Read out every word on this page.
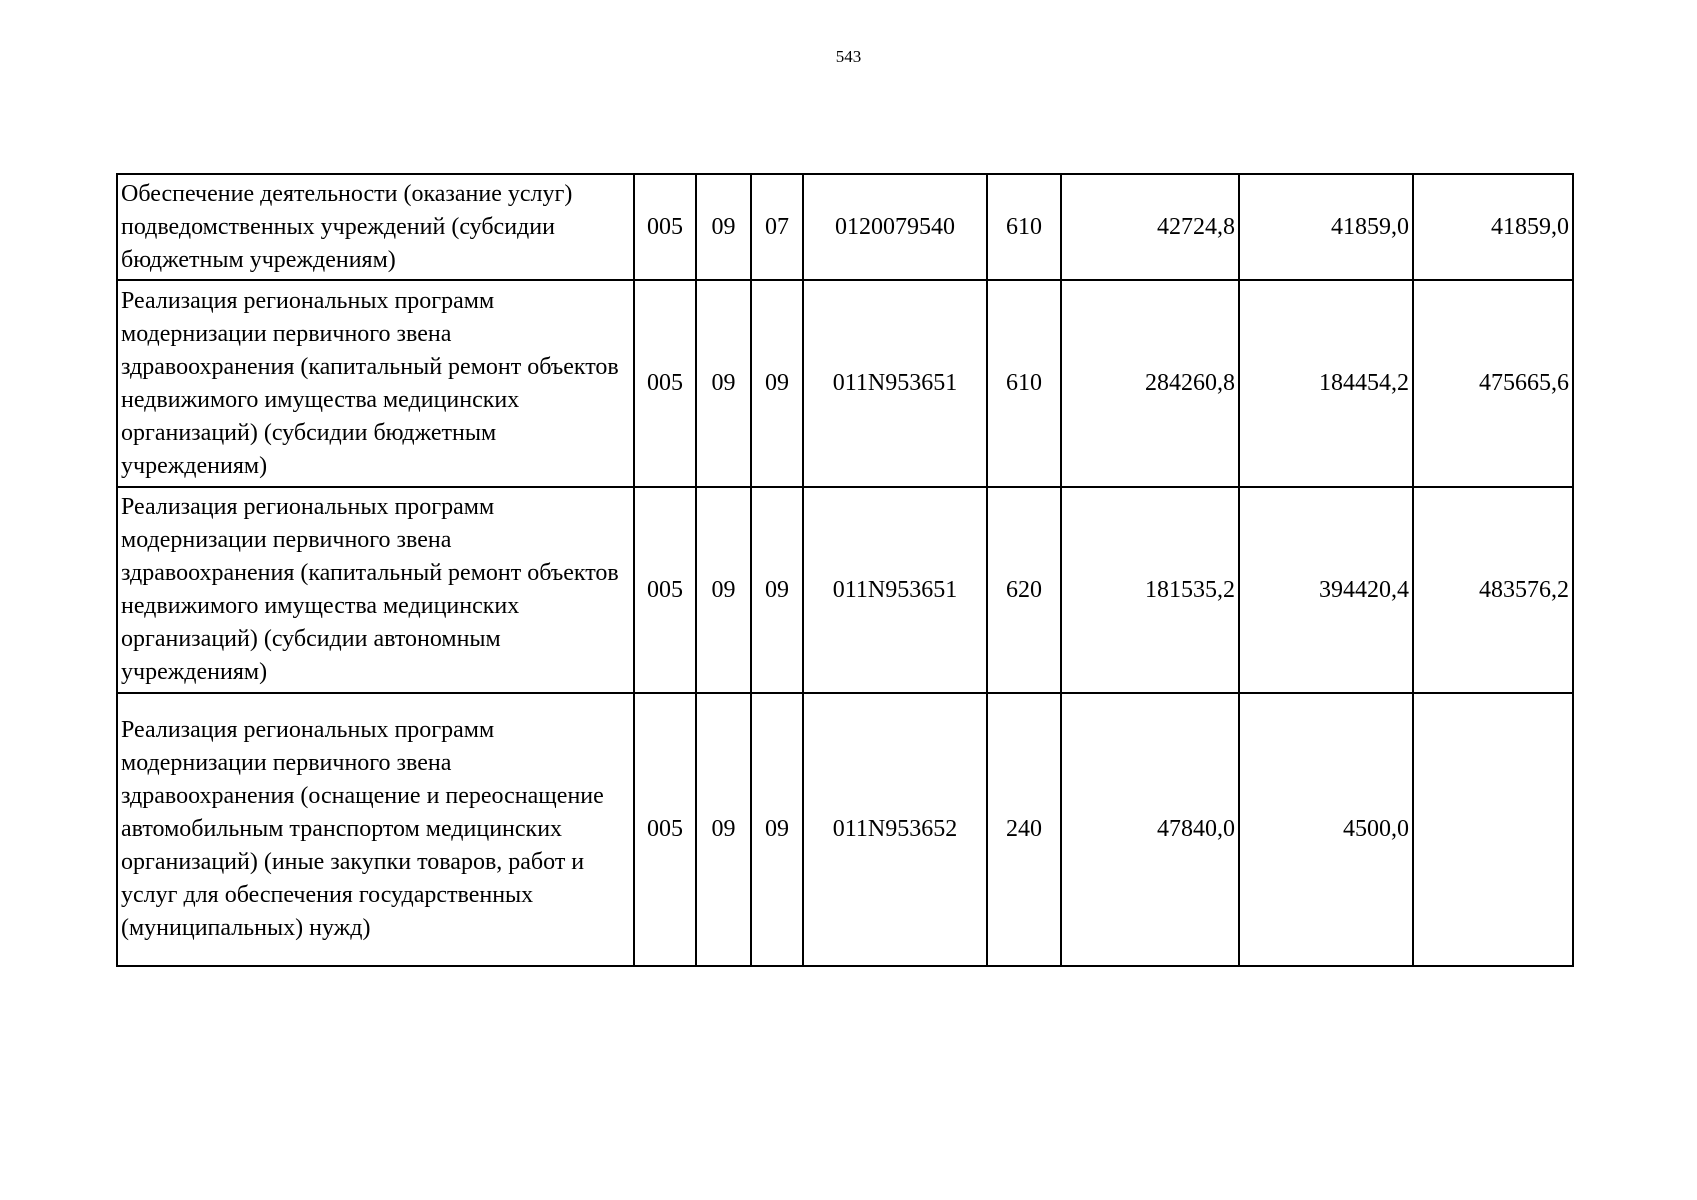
543
Обеспечение деятельности (оказание услуг) подведомственных учреждений (субсидии бюджетным учреждениям)	005	09	07	0120079540	610	42724,8	41859,0	41859,0
Реализация региональных программ модернизации первичного звена здравоохранения (капитальный ремонт объектов недвижимого имущества медицинских организаций) (субсидии бюджетным учреждениям)	005	09	09	011N953651	610	284260,8	184454,2	475665,6
Реализация региональных программ модернизации первичного звена здравоохранения (капитальный ремонт объектов недвижимого имущества медицинских организаций) (субсидии автономным учреждениям)	005	09	09	011N953651	620	181535,2	394420,4	483576,2
Реализация региональных программ модернизации первичного звена здравоохранения (оснащение и переоснащение автомобильным транспортом медицинских организаций) (иные закупки товаров, работ и услуг для обеспечения государственных (муниципальных) нужд)	005	09	09	011N953652	240	47840,0	4500,0	
